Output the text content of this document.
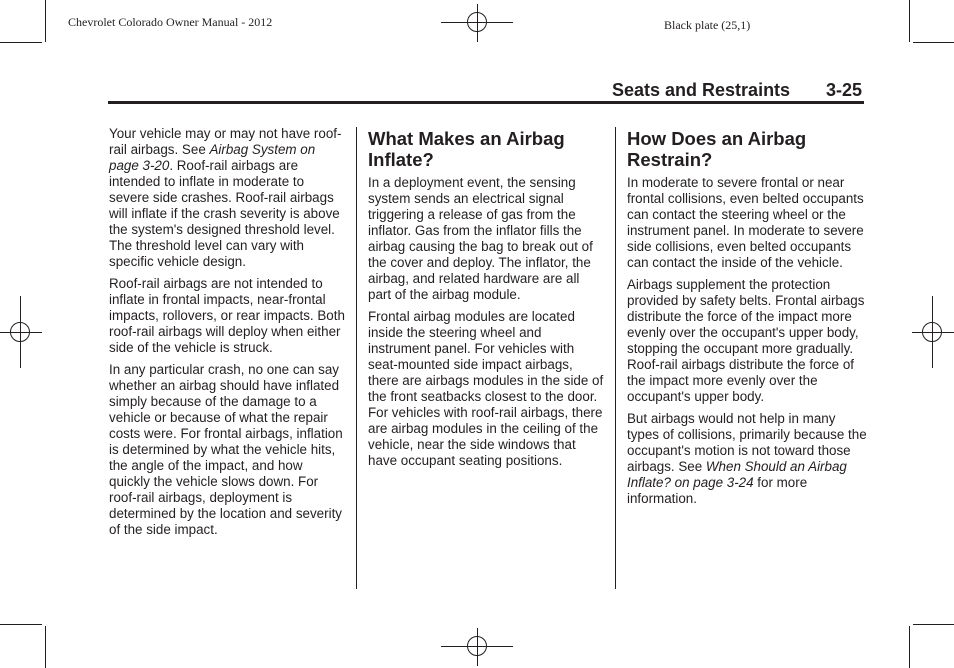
Chevrolet Colorado Owner Manual - 2012	Black plate (25,1)
Seats and Restraints 3-25

Your vehicle may or may not have roof-rail airbags. See Airbag System on page 3-20. Roof-rail airbags are intended to inflate in moderate to severe side crashes. Roof-rail airbags will inflate if the crash severity is above the system's designed threshold level. The threshold level can vary with specific vehicle design.

Roof-rail airbags are not intended to inflate in frontal impacts, near-frontal impacts, rollovers, or rear impacts. Both roof-rail airbags will deploy when either side of the vehicle is struck.

In any particular crash, no one can say whether an airbag should have inflated simply because of the damage to a vehicle or because of what the repair costs were. For frontal airbags, inflation is determined by what the vehicle hits, the angle of the impact, and how quickly the vehicle slows down. For roof-rail airbags, deployment is determined by the location and severity of the side impact.

What Makes an Airbag Inflate?

In a deployment event, the sensing system sends an electrical signal triggering a release of gas from the inflator. Gas from the inflator fills the airbag causing the bag to break out of the cover and deploy. The inflator, the airbag, and related hardware are all part of the airbag module.

Frontal airbag modules are located inside the steering wheel and instrument panel. For vehicles with seat-mounted side impact airbags, there are airbags modules in the side of the front seatbacks closest to the door. For vehicles with roof-rail airbags, there are airbag modules in the ceiling of the vehicle, near the side windows that have occupant seating positions.

How Does an Airbag Restrain?

In moderate to severe frontal or near frontal collisions, even belted occupants can contact the steering wheel or the instrument panel. In moderate to severe side collisions, even belted occupants can contact the inside of the vehicle.

Airbags supplement the protection provided by safety belts. Frontal airbags distribute the force of the impact more evenly over the occupant's upper body, stopping the occupant more gradually. Roof-rail airbags distribute the force of the impact more evenly over the occupant's upper body.

But airbags would not help in many types of collisions, primarily because the occupant's motion is not toward those airbags. See When Should an Airbag Inflate? on page 3-24 for more information.
